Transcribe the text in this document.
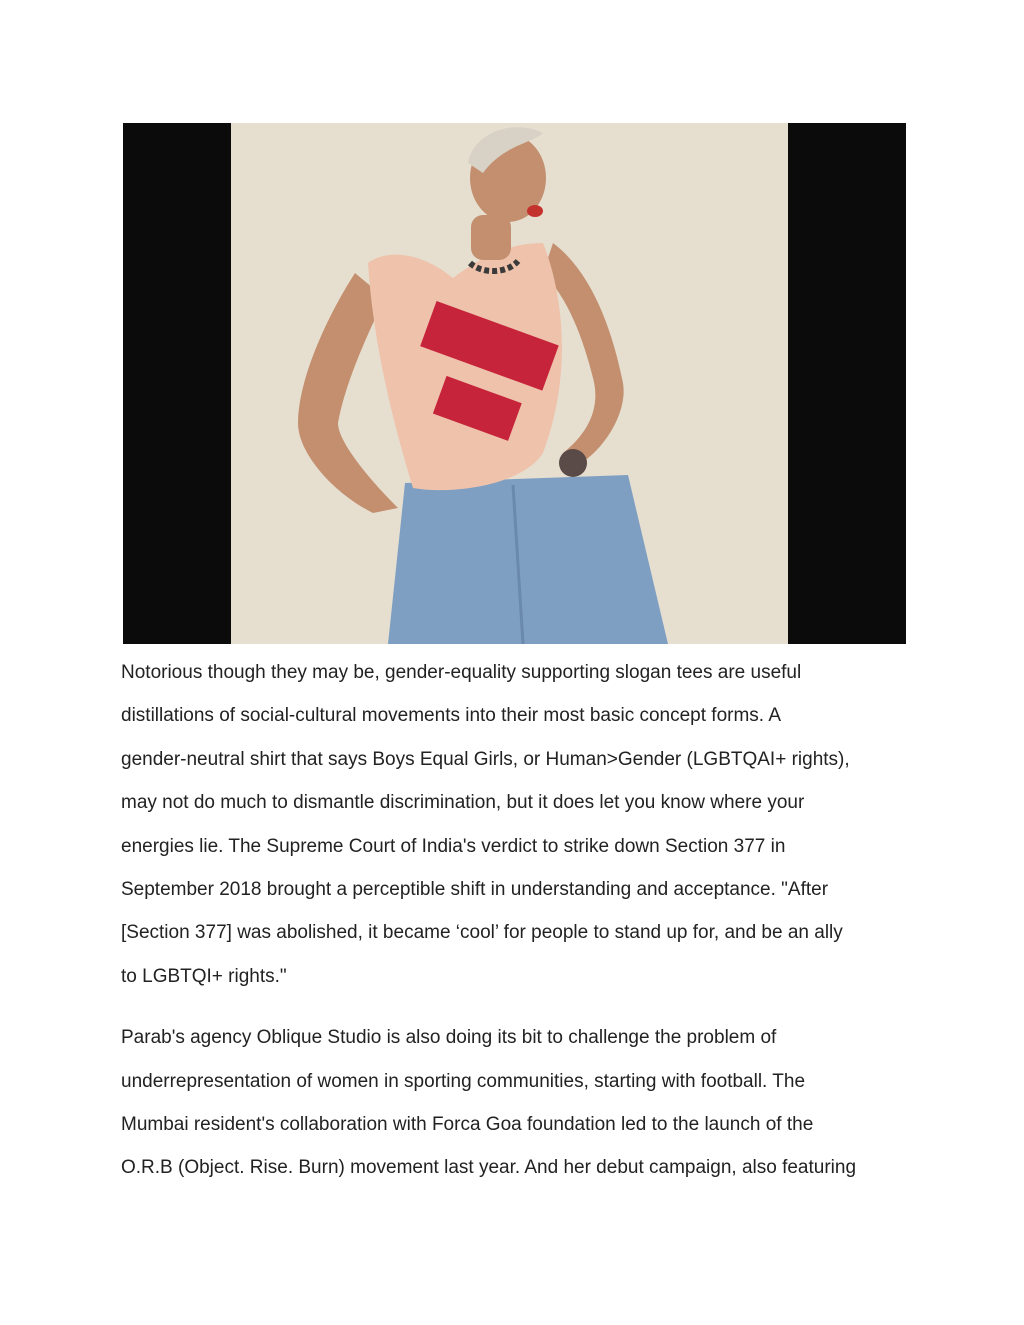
Notorious though they may be, gender-equality supporting slogan tees are useful
distillations of social-cultural movements into their most basic concept forms. A
gender-neutral shirt that says Boys Equal Girls, or Human>Gender (LGBTQAI+ rights),
may not do much to dismantle discrimination, but it does let you know where your
energies lie. The Supreme Court of India's verdict to strike down Section 377 in
September 2018 brought a perceptible shift in understanding and acceptance. "After
[Section 377] was abolished, it became ‘cool’ for people to stand up for, and be an ally
to LGBTQI+ rights."

Parab's agency Oblique Studio is also doing its bit to challenge the problem of
underrepresentation of women in sporting communities, starting with football. The
Mumbai resident's collaboration with Forca Goa foundation led to the launch of the
O.R.B (Object. Rise. Burn) movement last year. And her debut campaign, also featuring
